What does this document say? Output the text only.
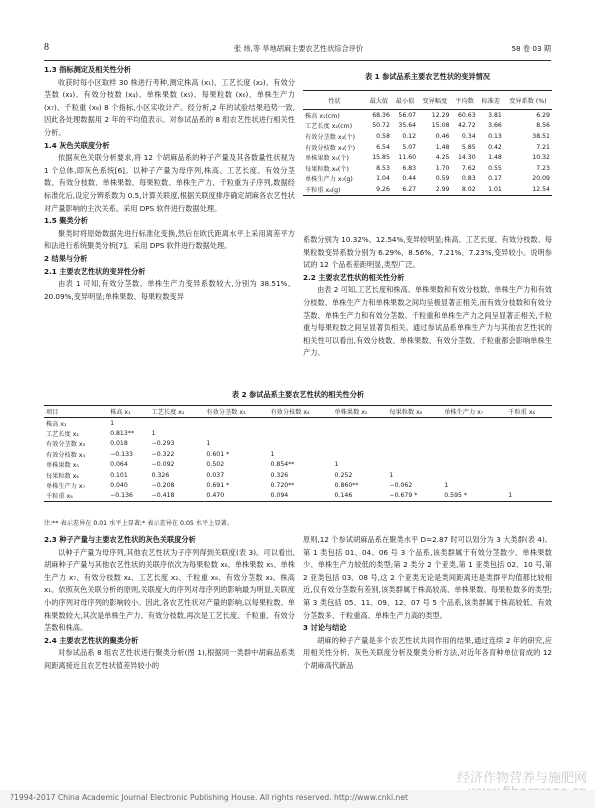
8	张 炜,等 旱地胡麻主要农艺性状综合评价	58 卷 03 期

1.3 指标测定及相关性分析

收获时每小区取样 30 株进行考种,测定株高 (x₁)、工艺长度 (x₂)、有效分茎数 (x₃)、有效分枝数 (x₄)、单株果数 (x₅)、每果粒数 (x₆)、单株生产力 (x₇)、千粒重 (x₈) 8 个指标,小区实收计产。经分析,2 年的试验结果趋势一致,因此各处理数据用 2 年的平均值表示。对参试品系的 8 组农艺性状进行相关性分析。

1.4 灰色关联度分析

依据灰色关联分析要求,将 12 个胡麻品系的种子产量及其各数量性状视为 1 个总体,即灰色系统[6]。以种子产量为母序列,株高、工艺长度、有效分茎数、有效分枝数、单株果数、每果粒数、单株生产力、千粒重为子序列,数据经标准化后,设定分辨系数为 0.5,计算关联度,根据关联度排序确定胡麻各农艺性状对产量影响的主次关系。采用 DPS 软件进行数据处理。

1.5 聚类分析

聚类时将原始数据先进行标准化变换,然后在欧氏距离水平上采用离差平方和法进行系统聚类分析[7]。采用 DPS 软件进行数据处理。

2 结果与分析

2.1 主要农艺性状的变异性分析

由表 1 可知,有效分茎数、单株生产力变异系数较大,分别为 38.51%、20.09%,变异明显;单株果数、每果粒数变异

表 1 参试品系主要农艺性状的变异情况
性状	最大值	最小值	变异幅度	平均数	标准差	变异系数 (%)
株高 x₁(cm)	68.36	56.07	12.29	60.63	3.81	6.29
工艺长度 x₂(cm)	50.72	35.64	15.08	42.72	3.66	8.56
有效分茎数 x₃(个)	0.58	0.12	0.46	0.34	0.13	38.51
有效分枝数 x₄(个)	6.54	5.07	1.48	5.85	0.42	7.21
单株果数 x₅(个)	15.85	11.60	4.25	14.30	1.48	10.32
每果粒数 x₆(个)	8.53	6.83	1.70	7.62	0.55	7.23
单株生产力 x₇(g)	1.04	0.44	0.59	0.83	0.17	20.09
千粒重 x₈(g)	9.26	6.27	2.99	8.02	1.01	12.54

系数分别为 10.32%、12.54%,变异较明显;株高、工艺长度、有效分枝数、每果粒数变异系数分别为 6.29%、8.56%、7.21%、7.23%,变异较小。说明参试的 12 个品系差距明显,类型广泛。

2.2 主要农艺性状的相关性分析

由表 2 可知,工艺长度和株高、单株果数和有效分枝数、单株生产力和有效分枝数、单株生产力和单株果数之间均呈极显著正相关,而有效分枝数和有效分茎数、单株生产力和有效分茎数、千粒重和单株生产力之间呈显著正相关,千粒重与每果粒数之间呈显著负相关。通过参试品系单株生产力与其他农艺性状的相关性可以看出,有效分枝数、单株果数、有效分茎数、千粒重都会影响单株生产力。

表 2 参试品系主要农艺性状的相关性分析
项目	株高 x₁	工艺长度 x₂	有效分茎数 x₃	有效分枝数 x₄	单株果数 x₅	每果粒数 x₆	单株生产力 x₇	千粒重 x₈
株高 x₁	1							
工艺长度 x₂	0.813**	1						
有效分茎数 x₃	0.018	−0.293	1					
有效分枝数 x₄	−0.133	−0.322	0.601 *	1				
单株果数 x₅	0.064	−0.092	0.502	0.854**	1			
每果粒数 x₆	0.101	0.326	0.037	0.326	0.252	1		
单株生产力 x₇	0.040	−0.208	0.691 *	0.720**	0.860**	−0.062	1	
千粒重 x₈	−0.136	−0.418	0.470	0.094	0.146	−0.679 *	0.595 *	1
注:** 表示差异在 0.01 水平上显著;* 表示差异在 0.05 水平上显著。

2.3 种子产量与主要农艺性状的灰色关联度分析

以种子产量为母序列,其他农艺性状为子序列得到关联度(表 3)。可以看出,胡麻种子产量与其他农艺性状的关联序依次为每果粒数 x₆、单株果数 x₅、单株生产力 x₇、有效分枝数 x₄、工艺长度 x₂、千粒重 x₈、有效分茎数 x₃、株高 x₁。依照灰色关联分析的原则,关联度大的序列对母序列的影响最为明显,关联度小的序列对母序列的影响较小。因此,各农艺性状对产量的影响,以每果粒数、单株果数较大,其次是单株生产力、有效分枝数,再次是工艺长度、千粒重、有效分茎数和株高。

2.4 主要农艺性状的聚类分析

对参试品系 8 组农艺性状进行聚类分析(图 1),根据同一类群中胡麻品系类间距离接近且农艺性状值差异较小的

原则,12 个参试胡麻品系在聚类水平 D=2.87 时可以划分为 3 大类群(表 4)。第 1 类包括 01、04、06 号 3 个品系,该类群属于有效分茎数少、单株果数少、单株生产力较低的类型;第 2 类分 2 个亚类,第 1 亚类包括 02、10 号,第 2 亚类包括 03、08 号,这 2 个亚类无论是类间距离还是类群平均值都比较相近,仅有效分茎数有差别,该类群属于株高较高、单株果数、每果粒数多的类型;第 3 类包括 05、11、09、12、07 号 5 个品系,该类群属于株高较低、有效分茎数多、千粒重高、单株生产力高的类型。

3 讨论与结论

胡麻的种子产量是多个农艺性状共同作用的结果,通过连续 2 年的研究,应用相关性分析、灰色关联度分析及聚类分析方法,对近年各育种单位育成的 12 个胡麻高代新品

经济作物营养与施肥网
?1994-2017 China Academic Journal Electronic Publishing House. All rights reserved. http://www.cnki.net
